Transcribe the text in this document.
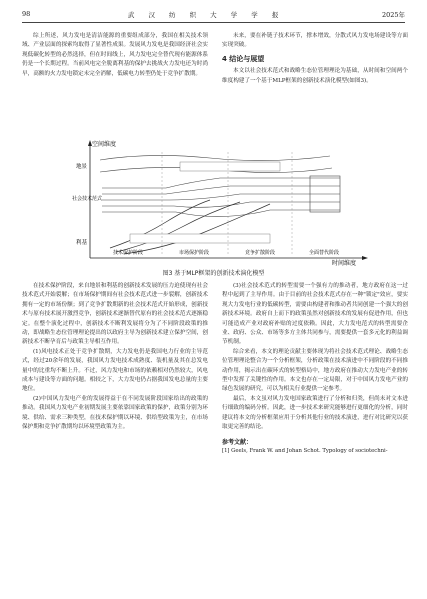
98	武 汉 纺 织 大 学 学 报	2025年

综上所述，风力发电是清洁能源的重要组成部分，我国在相关技术领域、产业层面的探索均取得了显著性成果。发展风力发电是我国经济社会实现低碳化转型的必然选择，但在时间线上，风力发电完全替代现有能源体系仍是一个长期过程。当前风电完全脱离利基的保护去挑战火力发电还为时尚早，高额的火力发电锁定未完全消解，低碳电力转型仍处于竞争扩散期。

未来，要在补链子技术环节，撑本增效，分散式风力发电场建设等方面实现突破。

4 结论与展望

本文以社会技术范式和战略生态位管理理论为基础，从时间和空间两个维度构建了一个基于MLP框架的创新技术演化模型(如图3)。

空间维度
时间维度
地景
社会技术范式
利基
技术保护阶段	市场保护阶段	竞争扩散阶段	全面替代阶段
图3 基于MLP框架的创新技术演化模型

在技术保护阶段，来自地景和利基的创新技术发展的压力迫使现有社会技术范式开始裂解；在市场保护期间有社会技术范式进一步裂解，创新技术拥有一定的市场份额；到了竞争扩散期新的社会技术范式开始形成，创新技术与原有技术展开激烈竞争，创新技术逐渐替代原有的社会技术范式逐渐稳定。在整个演化过程中，创新技术不断利发展将分为了不同阶段政策的推动，即战略生态位管理理论提出的以政府主导为创新技术建立保护空间，创新技术不断孕育后与政策主导相互作用。

(1)风电技术正处于竞争扩散期，大力发电仍是我国电力行业的主导范式，经过20余年的发展，我国风力发电技术成熟度、装机量及其在总发电量中的比重均不断上升。不过，风力发电和市场的依赖相对仍然较大，风电成本与建设等方面的问题。相较之下，大力发电仍占据我国发电总量的主要地位。

(2)中国风力发电产业的发展得益于在不同发展阶段国家给出的政策的推动。我国风力发电产业初期发展主要依靠国家政策的保护，政策分别为环境、供给、需求三种类型，在技术保护期以环境、供给型政策为主，在市场保护期和竞争扩散期均以环境型政策为主。

(3)社会技术范式的转型需要一个强有力的推动者，地方政府在这一过程中起到了主导作用。由于目前的社会技术范式存在一种"锁定"效应，要实现大力发电行业的低碳转型，需要由构建者和推动者共同创建一个强大的创新技术环境。政府自上而下的政策虽然对创新技术的发展有促进作用，但也可能造成产业对政府补贴的过度依赖。因此，大力发电范式的转型需要企业、政府、公众、市场等多方主体共同参与，需要提供一套多元化的利益调节机制。

综合来看，本文的理论贡献主要体现为将社会技术范式理论、战略生态位管理理论整合为一个分析框架，分析政策在技术演进中不同阶段的不同推动作用，揭示出在碳环式的转型格局中，地方政府在推动大力发电产业的转型中发挥了关键性的作用。本文也存在一定局限，对于中国风力发电产业的绿色发展的研究，可以为相关行业提供一定参考。

最后，本文虽对风力发电国家政策进行了分析和归类，但尚未对文本进行细致的编码分析。因此，进一步技术来研究能够进行更细化的分析，同时建议将本文的分析框架应用于分析其他行业的技术演进，进行对比研究以获取更完善的结论。

参考文献：

[1] Geels, Frank W. and Johan Schot. Typology of sociotechni-
